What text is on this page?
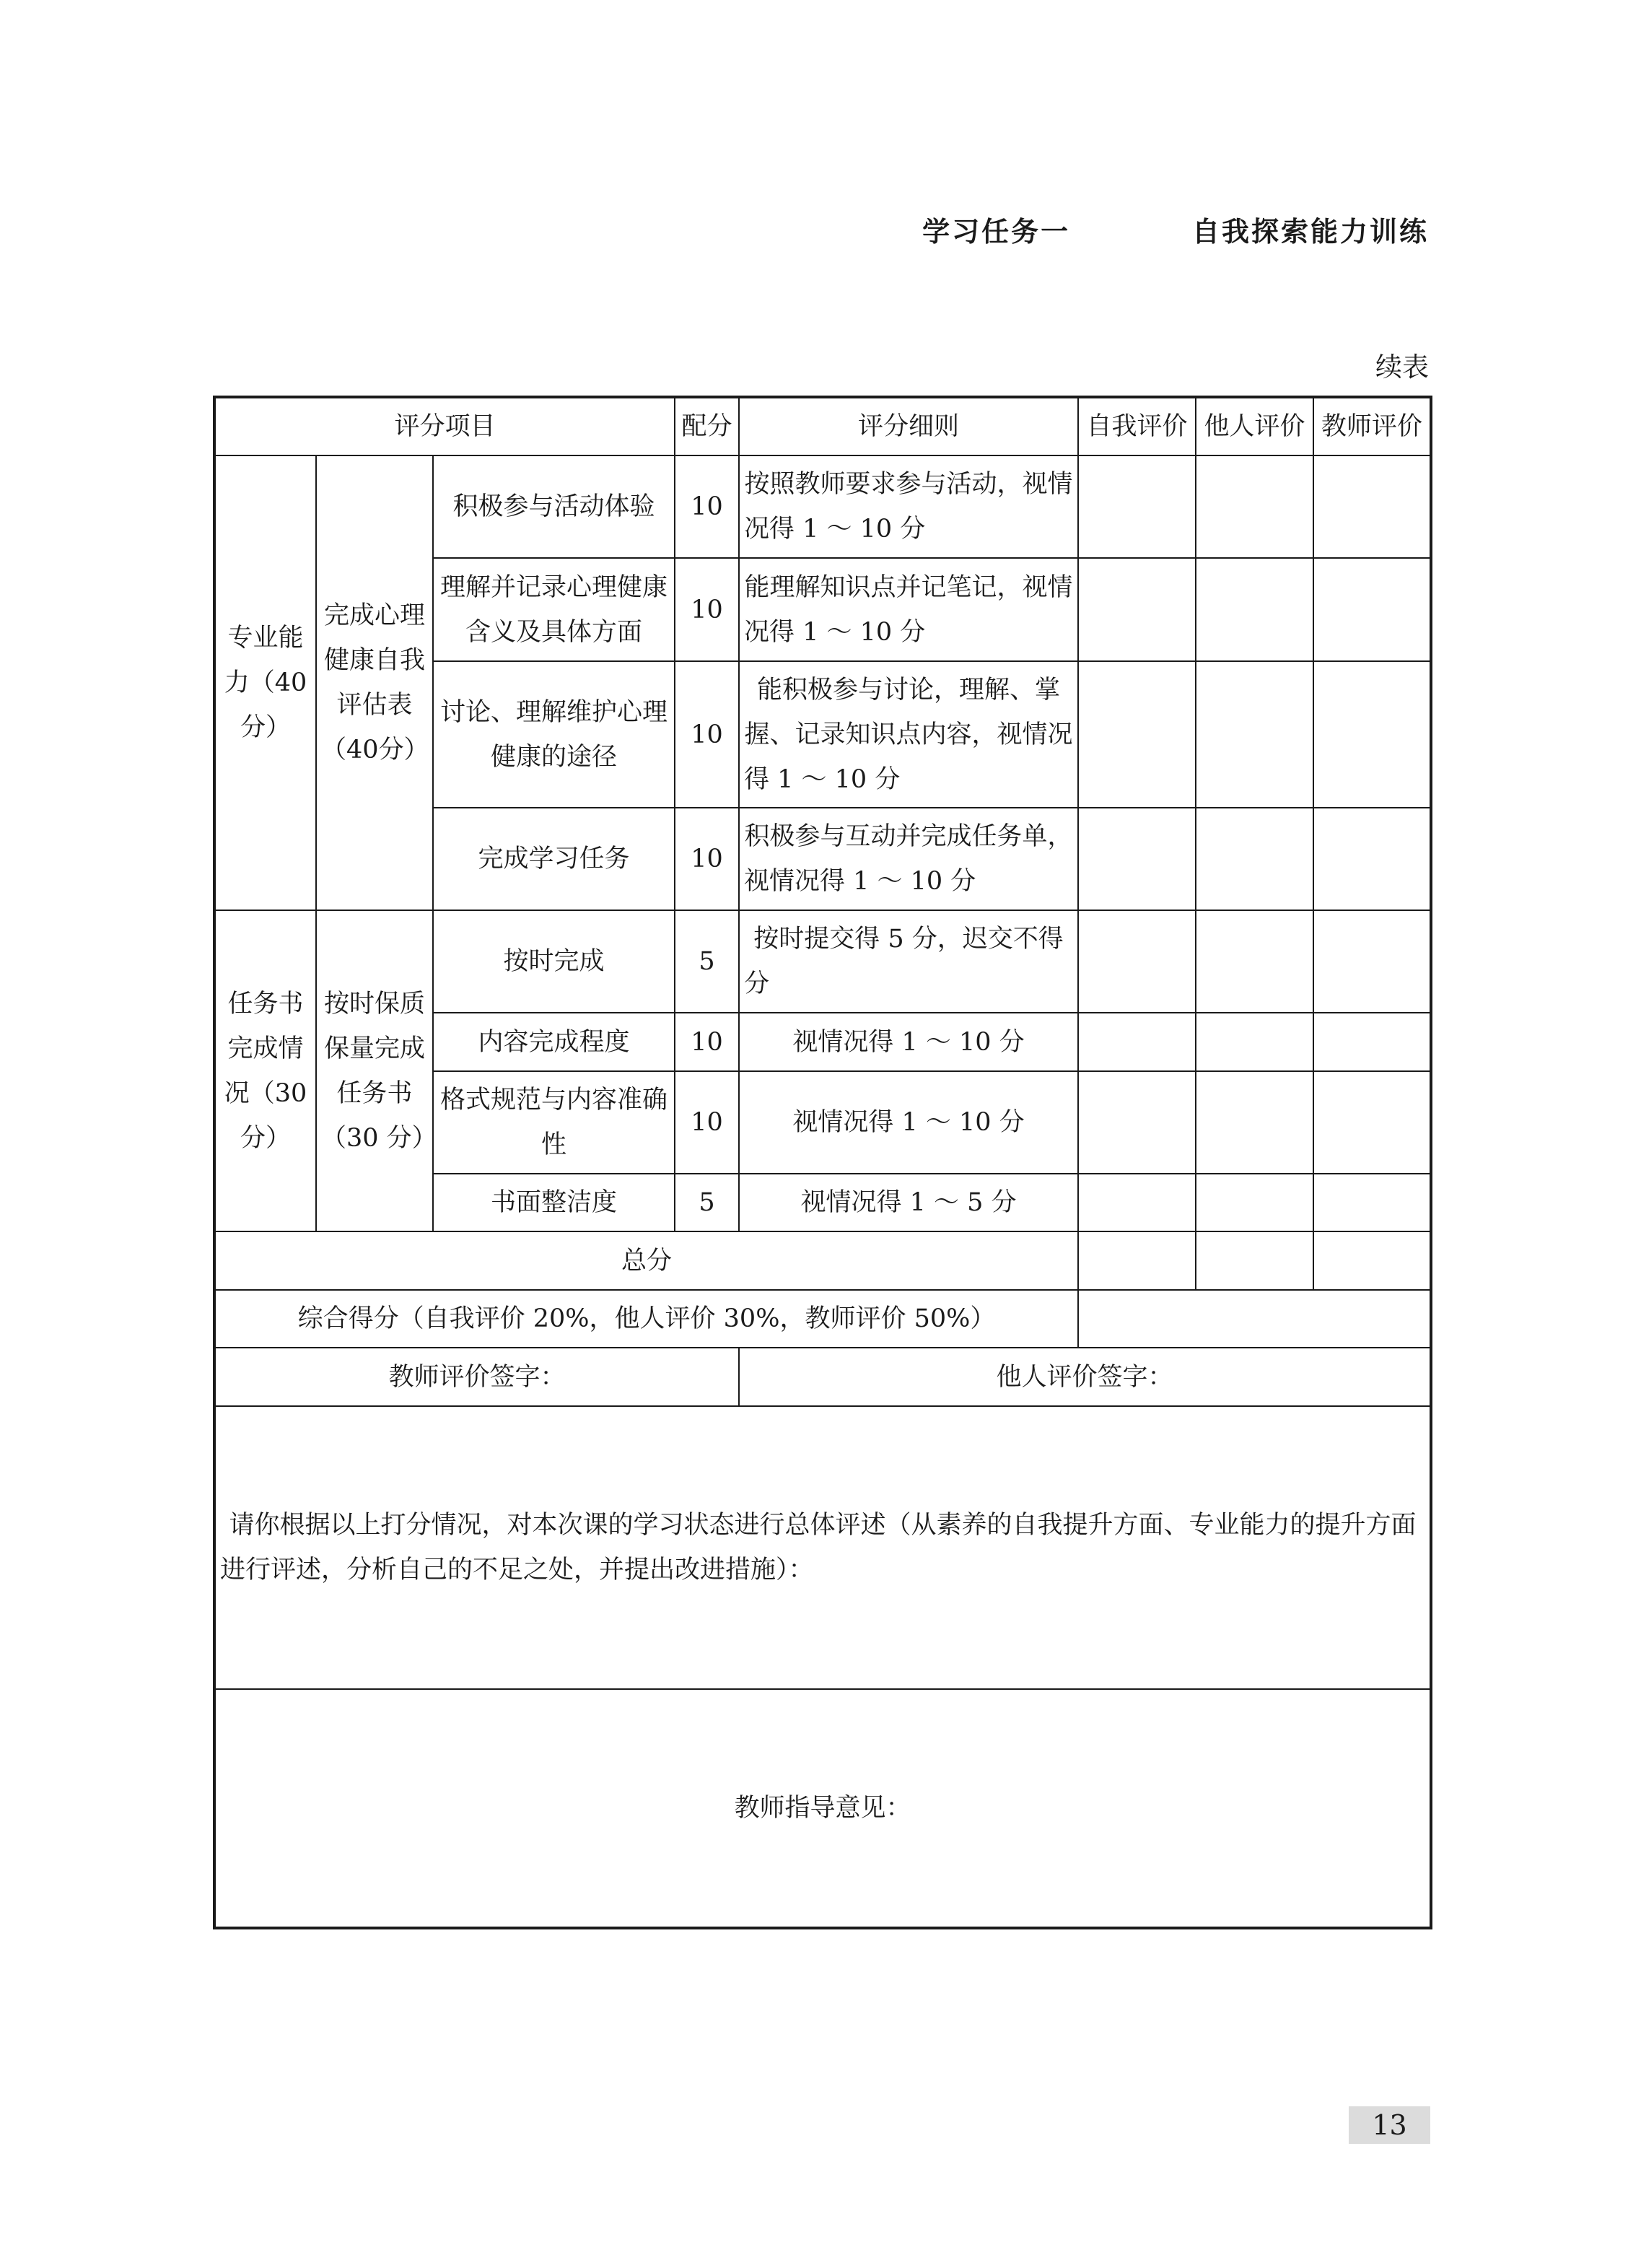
学习任务一    自我探索能力训练
续表
评分项目			配分	评分细则	自我评价	他人评价	教师评价
专业能力（40分）	完成心理健康自我评估表（40分）	积极参与活动体验	10	按照教师要求参与活动，视情况得 1 ～ 10 分			
		理解并记录心理健康含义及具体方面	10	能理解知识点并记笔记，视情况得 1 ～ 10 分			
		讨论、理解维护心理健康的途径	10	能积极参与讨论，理解、掌握、记录知识点内容，视情况得 1 ～ 10 分			
		完成学习任务	10	积极参与互动并完成任务单，视情况得 1 ～ 10 分			
任务书完成情况（30分）	按时保质保量完成任务书（30 分）	按时完成	5	按时提交得 5 分，迟交不得分			
		内容完成程度	10	视情况得 1 ～ 10 分			
		格式规范与内容准确性	10	视情况得 1 ～ 10 分			
		书面整洁度	5	视情况得 1 ～ 5 分			
总分							
综合得分（自我评价 20%，他人评价 30%，教师评价 50%）							
教师评价签字：				他人评价签字：			
请你根据以上打分情况，对本次课的学习状态进行总体评述（从素养的自我提升方面、专业能力的提升方面进行评述，分析自己的不足之处，并提出改进措施）：							
教师指导意见：							
13
